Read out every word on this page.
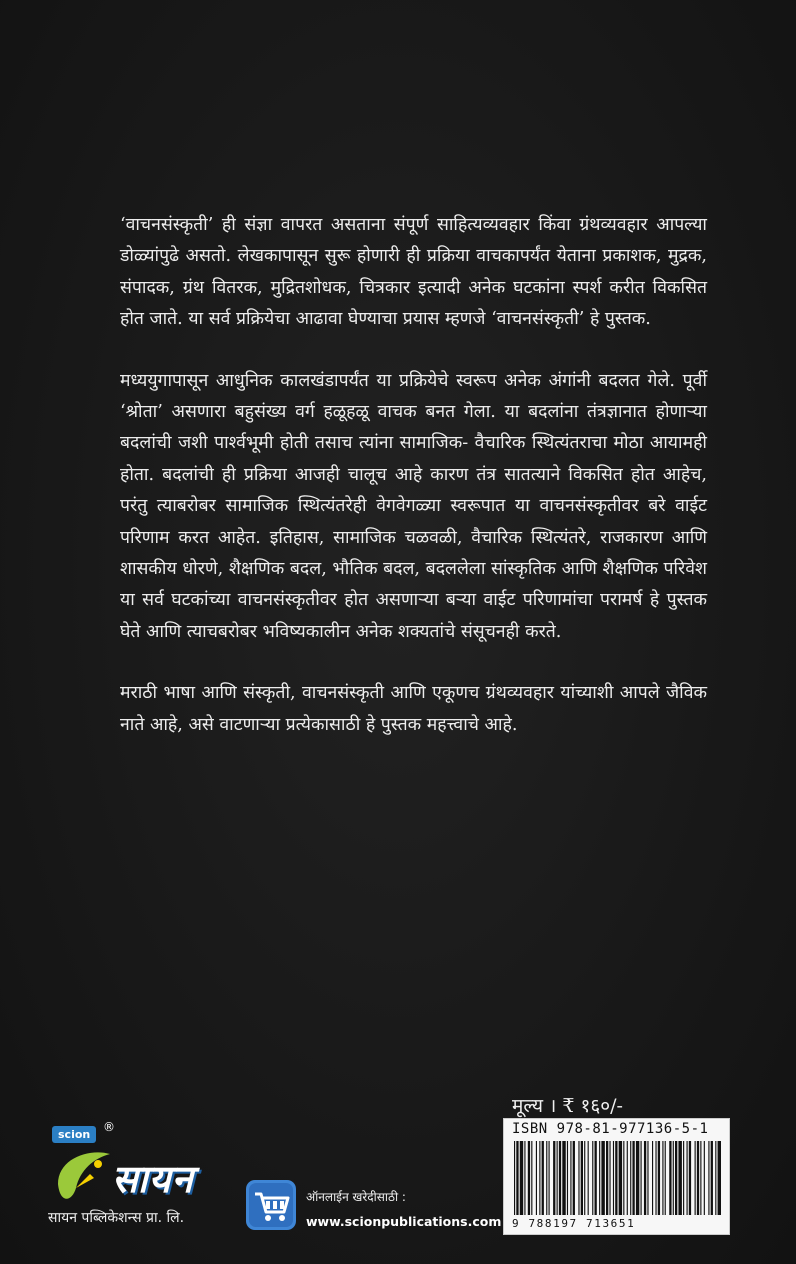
‘वाचनसंस्कृती’ ही संज्ञा वापरत असताना संपूर्ण साहित्यव्यवहार किंवा ग्रंथव्यवहार आपल्या डोळ्यांपुढे असतो. लेखकापासून सुरू होणारी ही प्रक्रिया वाचकापर्यंत येताना प्रकाशक, मुद्रक, संपादक, ग्रंथ वितरक, मुद्रितशोधक, चित्रकार इत्यादी अनेक घटकांना स्पर्श करीत विकसित होत जाते. या सर्व प्रक्रियेचा आढावा घेण्याचा प्रयास म्हणजे ‘वाचनसंस्कृती’ हे पुस्तक.

मध्ययुगापासून आधुनिक कालखंडापर्यंत या प्रक्रियेचे स्वरूप अनेक अंगांनी बदलत गेले. पूर्वी ‘श्रोता’ असणारा बहुसंख्य वर्ग हळूहळू वाचक बनत गेला. या बदलांना तंत्रज्ञानात होणाऱ्या बदलांची जशी पार्श्वभूमी होती तसाच त्यांना सामाजिक- वैचारिक स्थित्यंतराचा मोठा आयामही होता. बदलांची ही प्रक्रिया आजही चालूच आहे कारण तंत्र सातत्याने विकसित होत आहेच, परंतु त्याबरोबर सामाजिक स्थित्यंतरेही वेगवेगळ्या स्वरूपात या वाचनसंस्कृतीवर बरे वाईट परिणाम करत आहेत. इतिहास, सामाजिक चळवळी, वैचारिक स्थित्यंतरे, राजकारण आणि शासकीय धोरणे, शैक्षणिक बदल, भौतिक बदल, बदललेला सांस्कृतिक आणि शैक्षणिक परिवेश या सर्व घटकांच्या वाचनसंस्कृतीवर होत असणाऱ्या बऱ्या वाईट परिणामांचा परामर्ष हे पुस्तक घेते आणि त्याचबरोबर भविष्यकालीन अनेक शक्यतांचे संसूचनही करते.

मराठी भाषा आणि संस्कृती, वाचनसंस्कृती आणि एकूणच ग्रंथव्यवहार यांच्याशी आपले जैविक नाते आहे, असे वाटणाऱ्या प्रत्येकासाठी हे पुस्तक महत्त्वाचे आहे.

मूल्य । ₹ १६०/-
ISBN 978-81-977136-5-1
9 788197 713651
scion
®
सायन
सायन पब्लिकेशन्स प्रा. लि.
ऑनलाईन खरेदीसाठी :
www.scionpublications.com
